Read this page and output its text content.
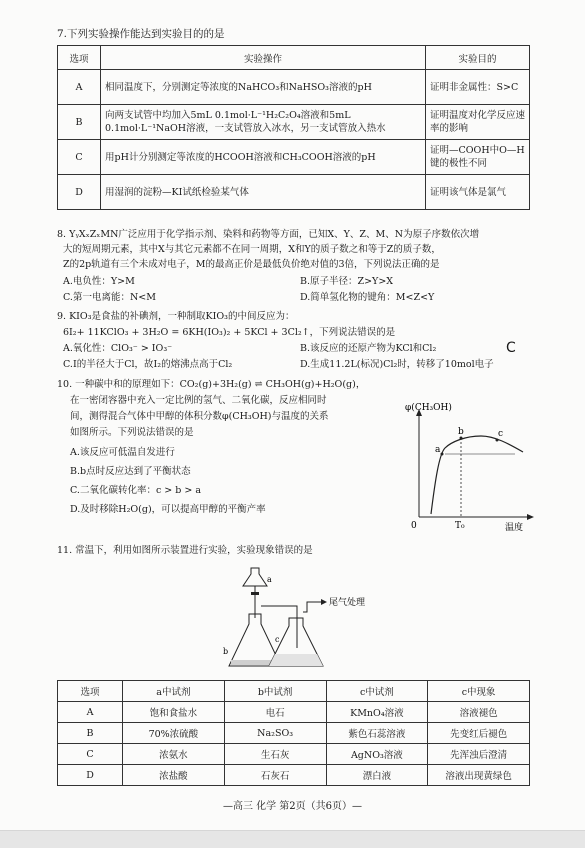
7.下列实验操作能达到实验目的的是
选项	实验操作	实验目的
A	相同温度下，分别测定等浓度的NaHCO₃和NaHSO₃溶液的pH	证明非金属性：S>C
B	向两支试管中均加入5mL 0.1mol·L⁻¹H₂C₂O₄溶液和5mL 0.1mol·L⁻¹NaOH溶液，一支试管放入冰水，另一支试管放入热水	证明温度对化学反应速率的影响
C	用pH计分别测定等浓度的HCOOH溶液和CH₃COOH溶液的pH	证明—COOH中O—H键的极性不同
D	用湿润的淀粉—KI试纸检验某气体	证明该气体是氯气
8. YᵧXₓZₓMN广泛应用于化学指示剂、染料和药物等方面，已知X、Y、Z、M、N为原子序数依次增
大的短周期元素，其中X与其它元素都不在同一周期，X和Y的质子数之和等于Z的质子数，
Z的2p轨道有三个未成对电子，M的最高正价是最低负价绝对值的3倍，下列说法正确的是
A.电负性：Y>M	B.原子半径：Z>Y>X
C.第一电离能：N<M	D.简单氢化物的键角：M<Z<Y
9. KIO₃是食盐的补碘剂，一种制取KIO₃的中间反应为：
6I₂+ 11KClO₃ + 3H₂O = 6KH(IO₃)₂ + 5KCl + 3Cl₂↑，下列说法错误的是
A.氧化性：ClO₃⁻ > IO₃⁻	B.该反应的还原产物为KCl和Cl₂
C.I的半径大于Cl，故I₂的熔沸点高于Cl₂	D.生成11.2L(标况)Cl₂时，转移了10mol电子
C
10. 一种碳中和的原理如下：CO₂(g)+3H₂(g) ⇌ CH₃OH(g)+H₂O(g)，
在一密闭容器中充入一定比例的氢气、二氧化碳，反应相同时
间，测得混合气体中甲醇的体积分数φ(CH₃OH)与温度的关系
如图所示。下列说法错误的是
A.该反应可低温自发进行
B.b点时反应达到了平衡状态
C.二氧化碳转化率：c > b > a
D.及时移除H₂O(g)，可以提高甲醇的平衡产率
φ(CH₃OH)
温度
0	T₀
a
b	c
11. 常温下，利用如图所示装置进行实验，实验现象错误的是
a
b
c
尾气处理
选项	a中试剂	b中试剂	c中试剂	c中现象
A	饱和食盐水	电石	KMnO₄溶液	溶液褪色
B	70%浓硫酸	Na₂SO₃	紫色石蕊溶液	先变红后褪色
C	浓氨水	生石灰	AgNO₃溶液	先浑浊后澄清
D	浓盐酸	石灰石	漂白液	溶液出现黄绿色
—高三 化学 第2页（共6页）—
